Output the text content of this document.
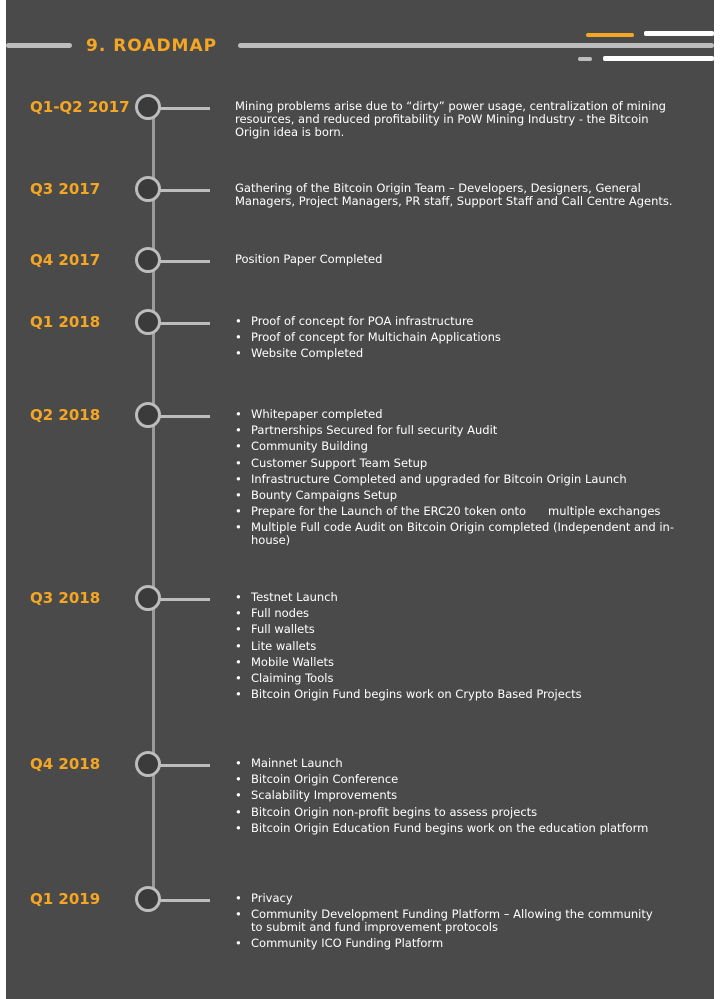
9. ROADMAP
Q1-Q2 2017	Mining problems arise due to “dirty” power usage, centralization of mining resources, and reduced profitability in PoW Mining Industry - the Bitcoin Origin idea is born.
Q3 2017	Gathering of the Bitcoin Origin Team – Developers, Designers, General Managers, Project Managers, PR staff, Support Staff and Call Centre Agents.
Q4 2017	Position Paper Completed
Q1 2018	• Proof of concept for POA infrastructure
• Proof of concept for Multichain Applications
• Website Completed
Q2 2018	• Whitepaper completed
• Partnerships Secured for full security Audit
• Community Building
• Customer Support Team Setup
• Infrastructure Completed and upgraded for Bitcoin Origin Launch
• Bounty Campaigns Setup
• Prepare for the Launch of the ERC20 token onto      multiple exchanges
• Multiple Full code Audit on Bitcoin Origin completed (Independent and in-house)
Q3 2018	• Testnet Launch
• Full nodes
• Full wallets
• Lite wallets
• Mobile Wallets
• Claiming Tools
• Bitcoin Origin Fund begins work on Crypto Based Projects
Q4 2018	• Mainnet Launch
• Bitcoin Origin Conference
• Scalability Improvements
• Bitcoin Origin non-profit begins to assess projects
• Bitcoin Origin Education Fund begins work on the education platform
Q1 2019	• Privacy
• Community Development Funding Platform – Allowing the community to submit and fund improvement protocols
• Community ICO Funding Platform
